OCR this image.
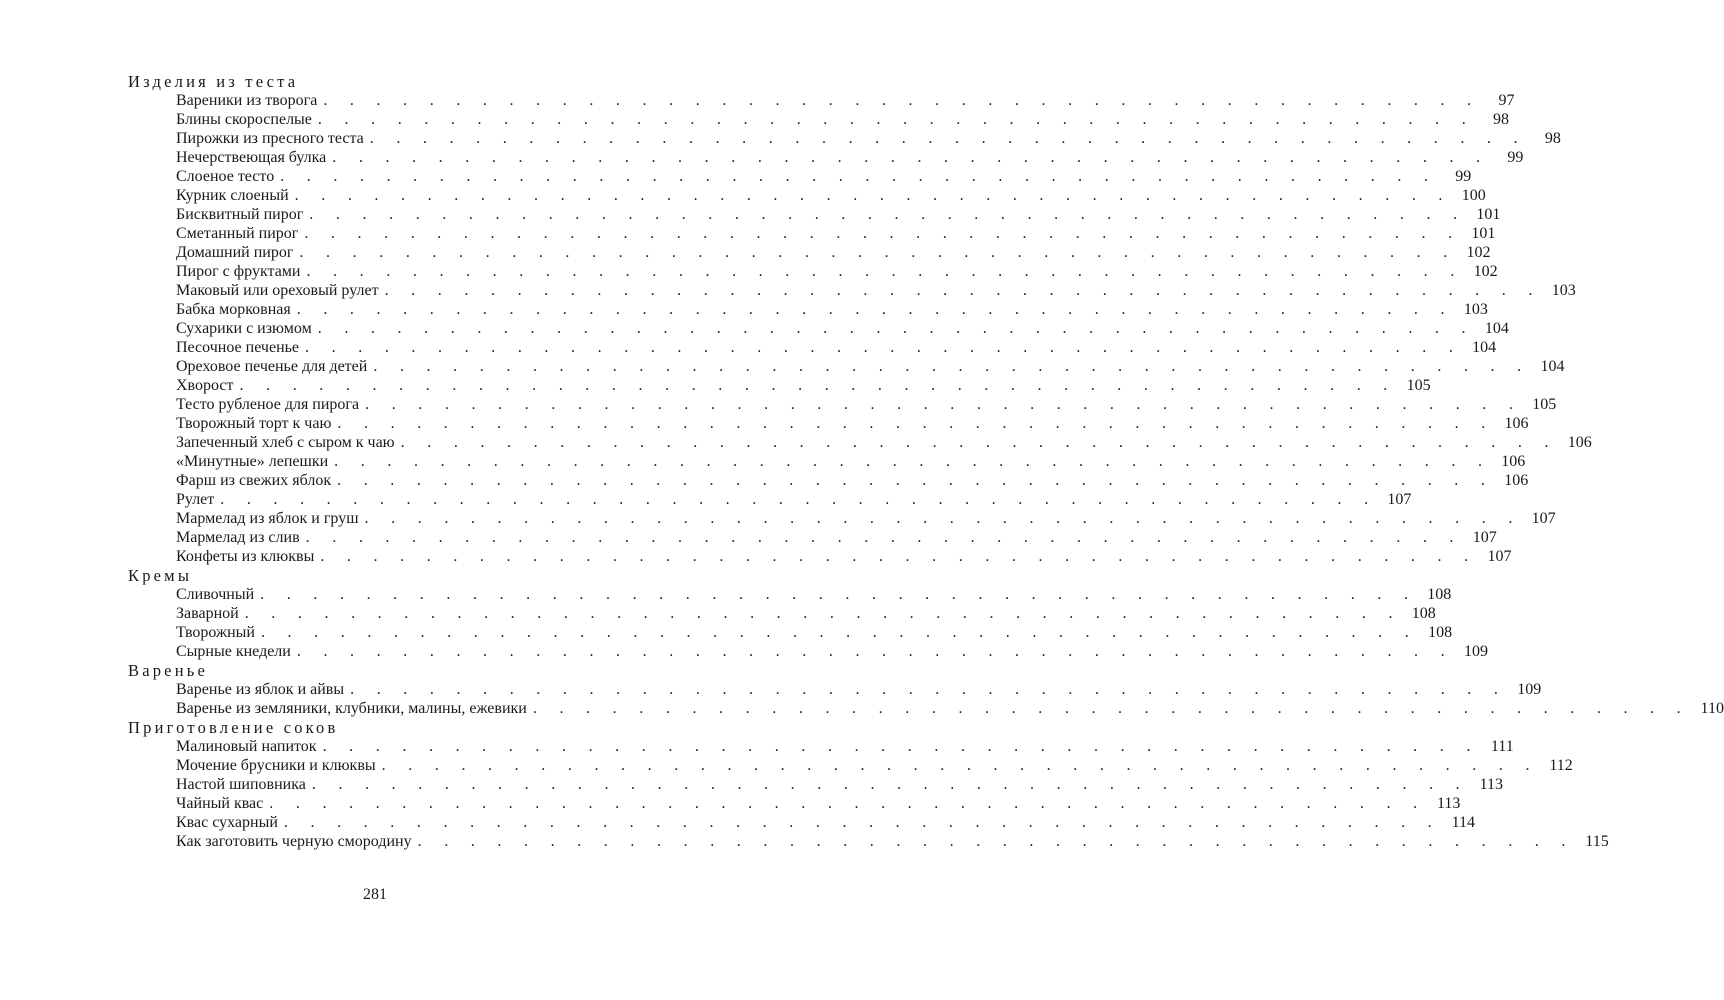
Изделия из теста
Вареники из творога . . . . . . . . . . . . . . . . . . . . . . . . . . . . . . . . . . . . . . . . . . . .	97
Блины скороспелые . . . . . . . . . . . . . . . . . . . . . . . . . . . . . . . . . . . . . . . . . . . .	98
Пирожки из пресного теста . . . . . . . . . . . . . . . . . . . . . . . . . . . . . . . . . . . . . . . . . . . .	98
Нечерствеющая булка . . . . . . . . . . . . . . . . . . . . . . . . . . . . . . . . . . . . . . . . . . . .	99
Слоеное тесто . . . . . . . . . . . . . . . . . . . . . . . . . . . . . . . . . . . . . . . . . . . .	99
Курник слоеный . . . . . . . . . . . . . . . . . . . . . . . . . . . . . . . . . . . . . . . . . . . . 100
Бисквитный пирог . . . . . . . . . . . . . . . . . . . . . . . . . . . . . . . . . . . . . . . . . . . . 101
Сметанный пирог . . . . . . . . . . . . . . . . . . . . . . . . . . . . . . . . . . . . . . . . . . . . 101
Домашний пирог . . . . . . . . . . . . . . . . . . . . . . . . . . . . . . . . . . . . . . . . . . . . 102
Пирог с фруктами . . . . . . . . . . . . . . . . . . . . . . . . . . . . . . . . . . . . . . . . . . . . 102
Маковый или ореховый рулет . . . . . . . . . . . . . . . . . . . . . . . . . . . . . . . . . . . . . . . . . . . . 103
Бабка морковная . . . . . . . . . . . . . . . . . . . . . . . . . . . . . . . . . . . . . . . . . . . . 103
Сухарики с изюмом . . . . . . . . . . . . . . . . . . . . . . . . . . . . . . . . . . . . . . . . . . . . 104
Песочное печенье . . . . . . . . . . . . . . . . . . . . . . . . . . . . . . . . . . . . . . . . . . . . 104
Ореховое печенье для детей . . . . . . . . . . . . . . . . . . . . . . . . . . . . . . . . . . . . . . . . . . . . 104
Хворост . . . . . . . . . . . . . . . . . . . . . . . . . . . . . . . . . . . . . . . . . . . . 105
Тесто рубленое для пирога . . . . . . . . . . . . . . . . . . . . . . . . . . . . . . . . . . . . . . . . . . . . 105
Творожный торт к чаю . . . . . . . . . . . . . . . . . . . . . . . . . . . . . . . . . . . . . . . . . . . . 106
Запеченный хлеб с сыром к чаю . . . . . . . . . . . . . . . . . . . . . . . . . . . . . . . . . . . . . . . . . . . . 106
«Минутные» лепешки . . . . . . . . . . . . . . . . . . . . . . . . . . . . . . . . . . . . . . . . . . . . 106
Фарш из свежих яблок . . . . . . . . . . . . . . . . . . . . . . . . . . . . . . . . . . . . . . . . . . . . 106
Рулет . . . . . . . . . . . . . . . . . . . . . . . . . . . . . . . . . . . . . . . . . . . . 107
Мармелад из яблок и груш . . . . . . . . . . . . . . . . . . . . . . . . . . . . . . . . . . . . . . . . . . . . 107
Мармелад из слив . . . . . . . . . . . . . . . . . . . . . . . . . . . . . . . . . . . . . . . . . . . . 107
Конфеты из клюквы . . . . . . . . . . . . . . . . . . . . . . . . . . . . . . . . . . . . . . . . . . . . 107
Кремы
Сливочный . . . . . . . . . . . . . . . . . . . . . . . . . . . . . . . . . . . . . . . . . . . . 108
Заварной . . . . . . . . . . . . . . . . . . . . . . . . . . . . . . . . . . . . . . . . . . . . 108
Творожный . . . . . . . . . . . . . . . . . . . . . . . . . . . . . . . . . . . . . . . . . . . . 108
Сырные кнедели . . . . . . . . . . . . . . . . . . . . . . . . . . . . . . . . . . . . . . . . . . . . 109
Варенье
Варенье из яблок и айвы . . . . . . . . . . . . . . . . . . . . . . . . . . . . . . . . . . . . . . . . . . . . 109
Варенье из земляники, клубники, малины, ежевики . . . . . . . . . . . . . . . . . . . . . . . . . . . . . . . . . . . . . . . . . . . . 110
Приготовление соков
Малиновый напиток . . . . . . . . . . . . . . . . . . . . . . . . . . . . . . . . . . . . . . . . . . . . 111
Мочение брусники и клюквы . . . . . . . . . . . . . . . . . . . . . . . . . . . . . . . . . . . . . . . . . . . . 112
Настой шиповника . . . . . . . . . . . . . . . . . . . . . . . . . . . . . . . . . . . . . . . . . . . . 113
Чайный квас . . . . . . . . . . . . . . . . . . . . . . . . . . . . . . . . . . . . . . . . . . . . 113
Квас сухарный . . . . . . . . . . . . . . . . . . . . . . . . . . . . . . . . . . . . . . . . . . . . 114
Как заготовить черную смородину . . . . . . . . . . . . . . . . . . . . . . . . . . . . . . . . . . . . . . . . . . . . 115
281
